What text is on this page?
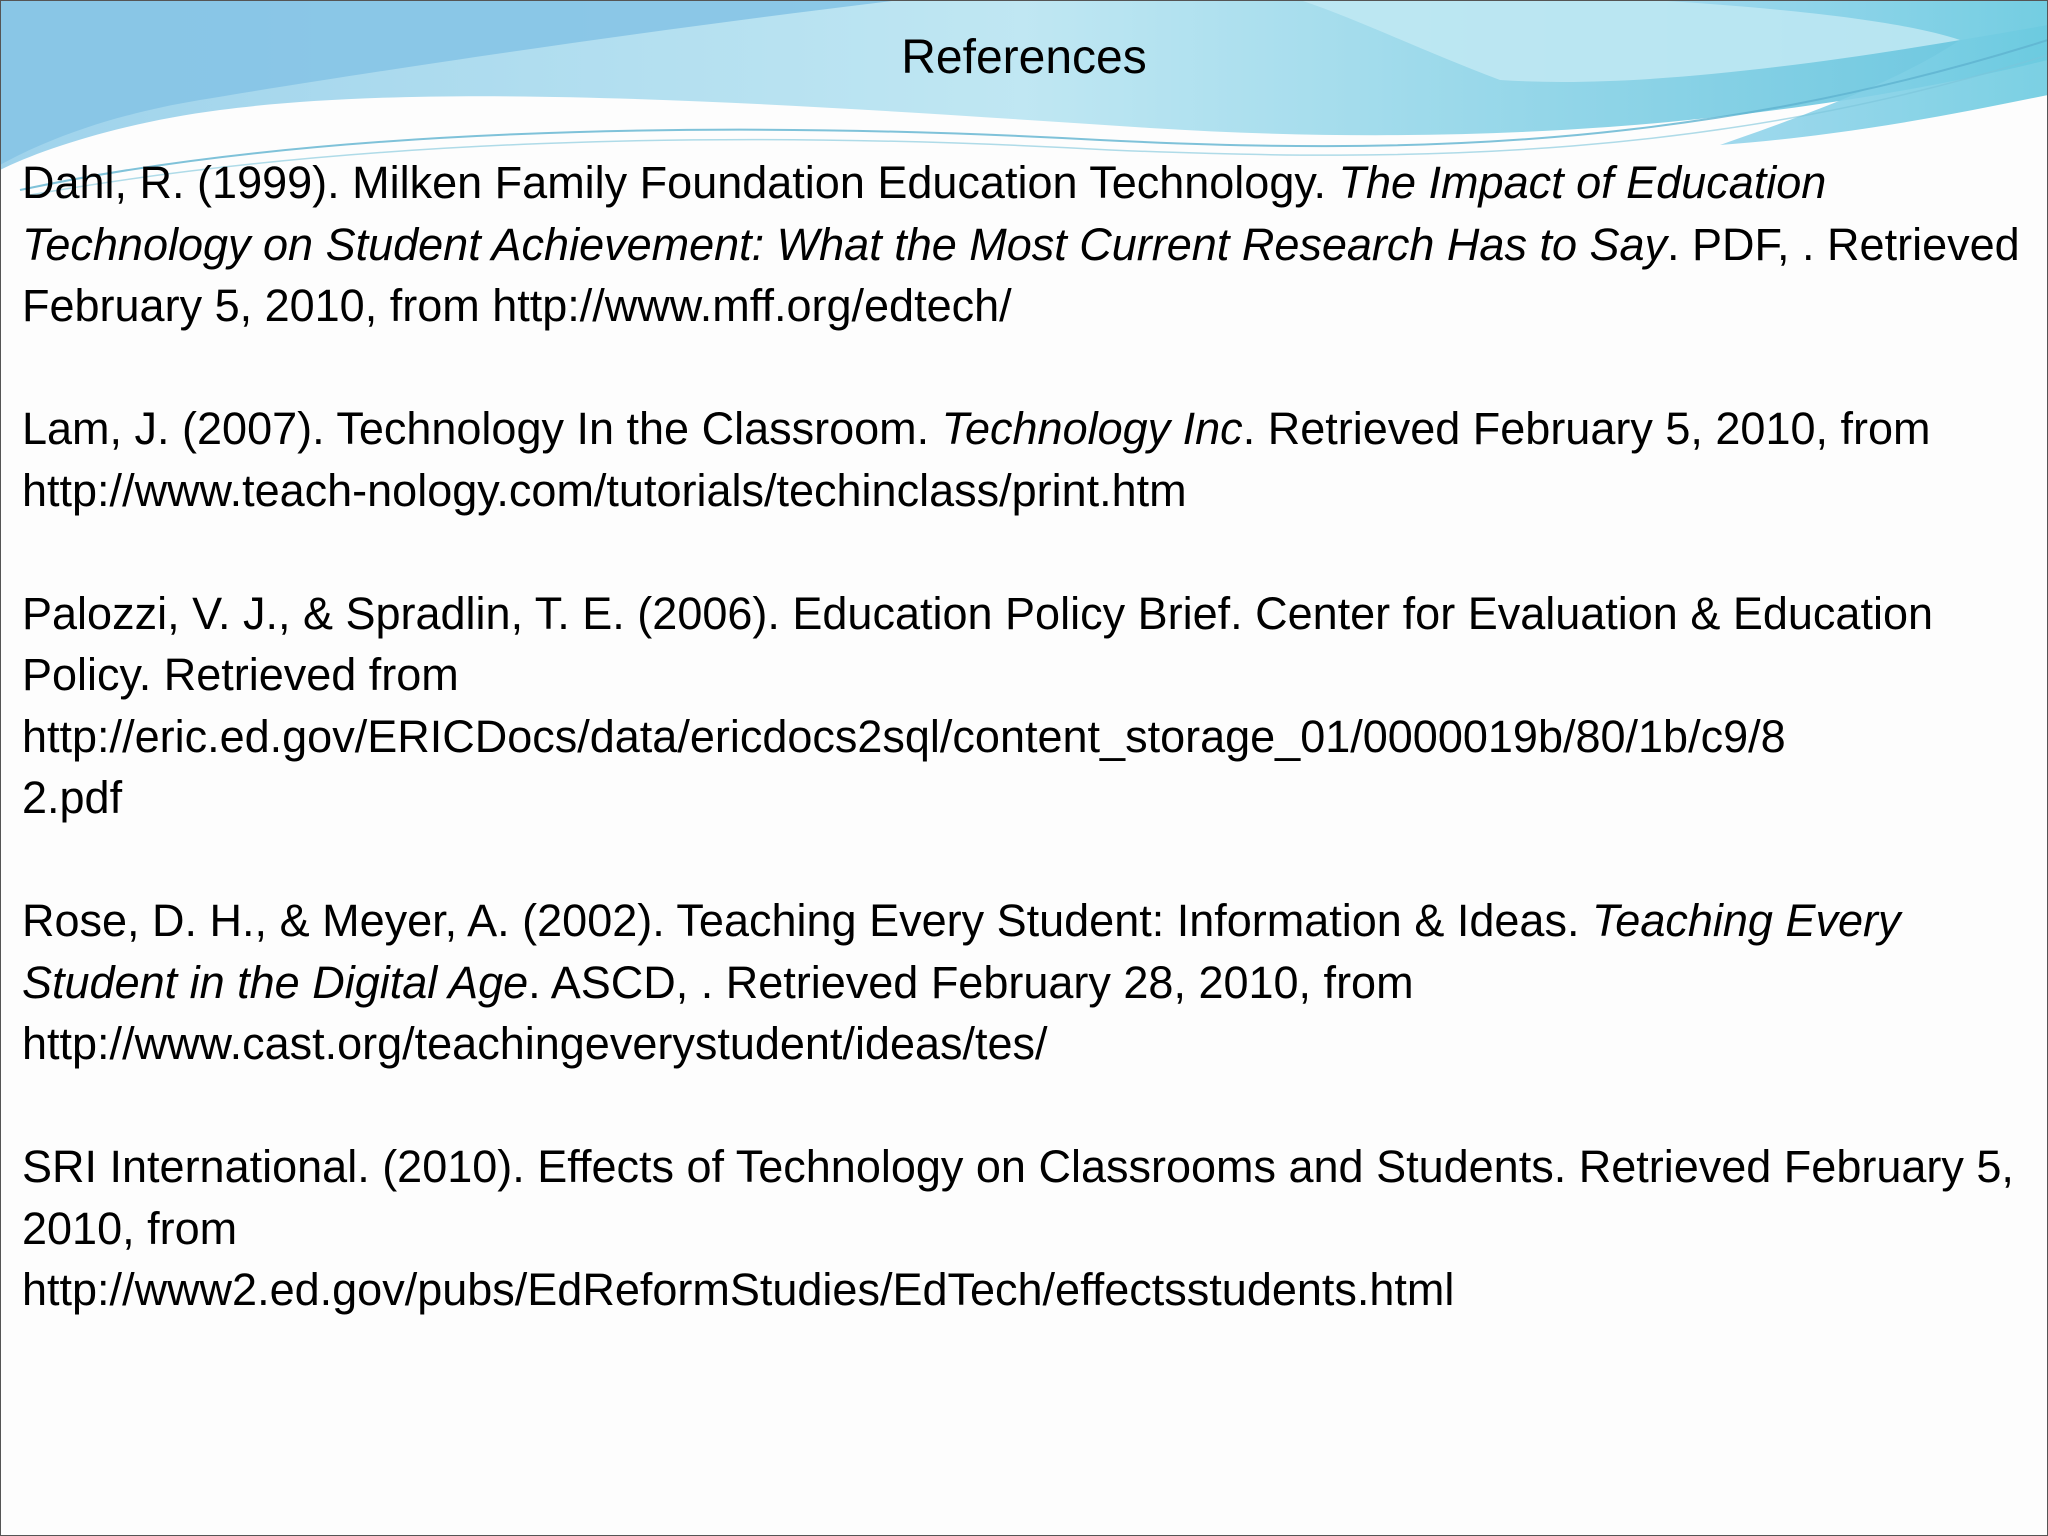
References

Dahl, R. (1999). Milken Family Foundation Education Technology. The Impact of Education Technology on Student Achievement: What the Most Current Research Has to Say. PDF, . Retrieved February 5, 2010, from http://www.mff.org/edtech/

Lam, J. (2007). Technology In the Classroom. Technology Inc. Retrieved February 5, 2010, from http://www.teach-nology.com/tutorials/techinclass/print.htm

Palozzi, V. J., & Spradlin, T. E. (2006). Education Policy Brief. Center for Evaluation & Education Policy. Retrieved from
http://eric.ed.gov/ERICDocs/data/ericdocs2sql/content_storage_01/0000019b/80/1b/c9/8
2.pdf

Rose, D. H., & Meyer, A. (2002). Teaching Every Student: Information & Ideas. Teaching Every Student in the Digital Age. ASCD, . Retrieved February 28, 2010, from
http://www.cast.org/teachingeverystudent/ideas/tes/

SRI International. (2010). Effects of Technology on Classrooms and Students. Retrieved February 5, 2010, from
http://www2.ed.gov/pubs/EdReformStudies/EdTech/effectsstudents.html
